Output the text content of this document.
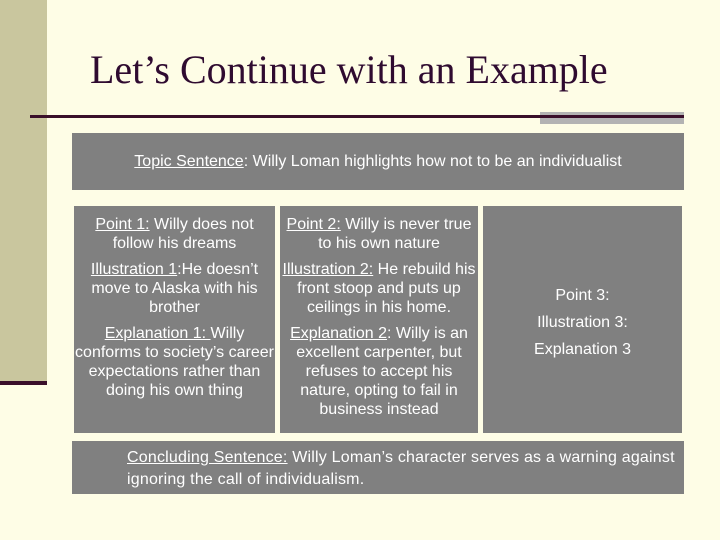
Let’s Continue with an Example
Topic Sentence: Willy Loman highlights how not to be an individualist

Point 1: Willy does not follow his dreams

Illustration 1:He doesn’t move to Alaska with his brother

Explanation 1: Willy conforms to society’s career expectations rather than doing his own thing

Point 2: Willy is never true to his own nature

Illustration 2: He rebuild his front stoop and puts up ceilings in his home.

Explanation 2: Willy is an excellent carpenter, but refuses to accept his nature, opting to fail in business instead

Point 3:
Illustration 3:
Explanation 3
Concluding Sentence: Willy Loman’s character serves as a warning against ignoring the call of individualism.
